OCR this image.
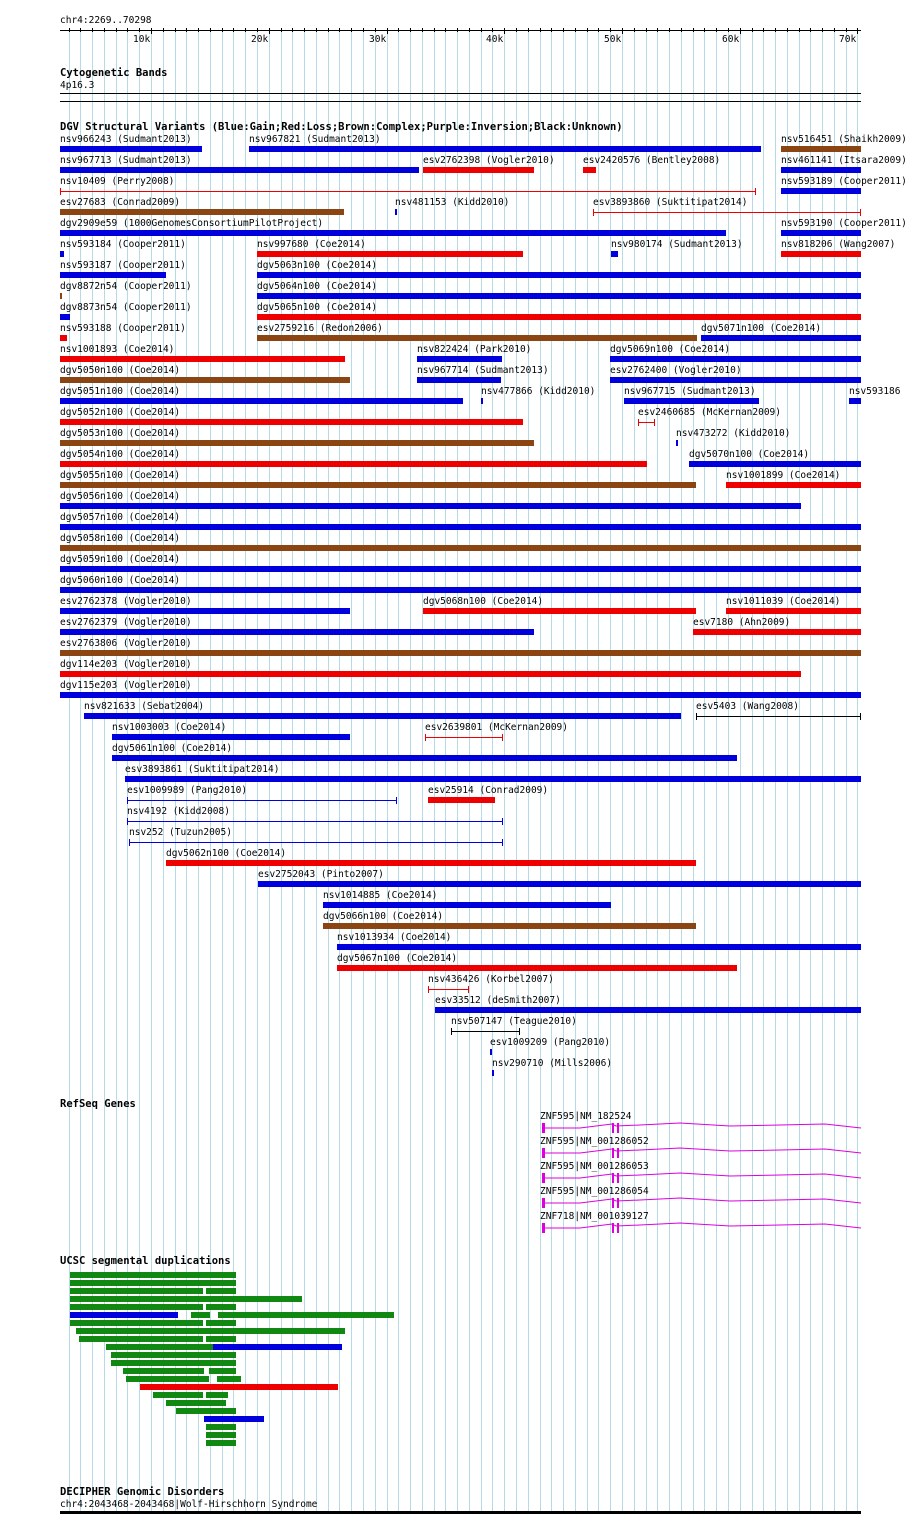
chr4:2269..70298
10k	20k	30k	40k	50k	60k	70k
Cytogenetic Bands
4p16.3
DGV Structural Variants (Blue:Gain;Red:Loss;Brown:Complex;Purple:Inversion;Black:Unknown)
nsv966243 (Sudmant2013)	nsv967821 (Sudmant2013)	nsv516451 (Shaikh2009)
nsv967713 (Sudmant2013)	esv2762398 (Vogler2010)	esv2420576 (Bentley2008)	nsv461141 (Itsara2009)
nsv10409 (Perry2008)	nsv593189 (Cooper2011)
esv27683 (Conrad2009)	nsv481153 (Kidd2010)	esv3893860 (Suktitipat2014)
dgv2909e59 (1000GenomesConsortiumPilotProject)	nsv593190 (Cooper2011)
nsv593184 (Cooper2011)	nsv997680 (Coe2014)	nsv980174 (Sudmant2013)	nsv818206 (Wang2007)
nsv593187 (Cooper2011)	dgv5063n100 (Coe2014)
dgv8872n54 (Cooper2011)	dgv5064n100 (Coe2014)
dgv8873n54 (Cooper2011)	dgv5065n100 (Coe2014)
nsv593188 (Cooper2011)	esv2759216 (Redon2006)	dgv5071n100 (Coe2014)
nsv1001893 (Coe2014)	nsv822424 (Park2010)	dgv5069n100 (Coe2014)
dgv5050n100 (Coe2014)	nsv967714 (Sudmant2013)	esv2762400 (Vogler2010)
dgv5051n100 (Coe2014)	nsv477866 (Kidd2010)	nsv967715 (Sudmant2013)	nsv593186
dgv5052n100 (Coe2014)	esv2460685 (McKernan2009)
dgv5053n100 (Coe2014)	nsv473272 (Kidd2010)
dgv5054n100 (Coe2014)	dgv5070n100 (Coe2014)
dgv5055n100 (Coe2014)	nsv1001899 (Coe2014)
dgv5056n100 (Coe2014)
dgv5057n100 (Coe2014)
dgv5058n100 (Coe2014)
dgv5059n100 (Coe2014)
dgv5060n100 (Coe2014)
esv2762378 (Vogler2010)	dgv5068n100 (Coe2014)	nsv1011039 (Coe2014)
esv2762379 (Vogler2010)	esv7180 (Ahn2009)
esv2763806 (Vogler2010)
dgv114e203 (Vogler2010)
dgv115e203 (Vogler2010)
nsv821633 (Sebat2004)	esv5403 (Wang2008)
nsv1003003 (Coe2014)	esv2639801 (McKernan2009)
dgv5061n100 (Coe2014)
esv3893861 (Suktitipat2014)
esv1009989 (Pang2010)	esv25914 (Conrad2009)
nsv4192 (Kidd2008)
nsv252 (Tuzun2005)
dgv5062n100 (Coe2014)
esv2752043 (Pinto2007)
nsv1014885 (Coe2014)
dgv5066n100 (Coe2014)
nsv1013934 (Coe2014)
dgv5067n100 (Coe2014)
nsv436426 (Korbel2007)
esv33512 (deSmith2007)
nsv507147 (Teague2010)
esv1009209 (Pang2010)
nsv290710 (Mills2006)
RefSeq Genes
ZNF595|NM_182524
ZNF595|NM_001286052
ZNF595|NM_001286053
ZNF595|NM_001286054
ZNF718|NM_001039127
UCSC segmental duplications
DECIPHER Genomic Disorders
chr4:2043468-2043468|Wolf-Hirschhorn Syndrome
